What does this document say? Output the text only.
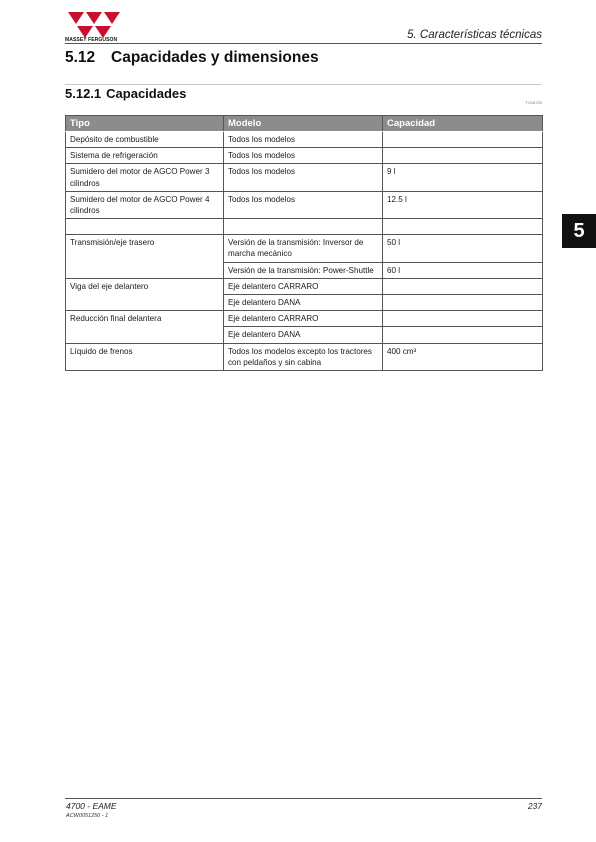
MASSEY FERGUSON	5. Características técnicas
5.12 Capacidades y dimensiones
5.12.1 Capacidades
TO18739
5
Tipo	Modelo	Capacidad
Depósito de combustible	Todos los modelos	
Sistema de refrigeración	Todos los modelos	
Sumidero del motor de AGCO Power 3 cilindros	Todos los modelos	9 l
Sumidero del motor de AGCO Power 4 cilindros	Todos los modelos	12.5 l

Transmisión/eje trasero	Versión de la transmisión: Inversor de marcha mecánico	50 l
	Versión de la transmisión: Power-Shuttle	60 l
Viga del eje delantero	Eje delantero CARRARO	
	Eje delantero DANA	
Reducción final delantera	Eje delantero CARRARO	
	Eje delantero DANA	
Líquido de frenos	Todos los modelos excepto los tractores con peldaños y sin cabina	400 cm³
4700 - EAME	237
ACW0051250 - 1
